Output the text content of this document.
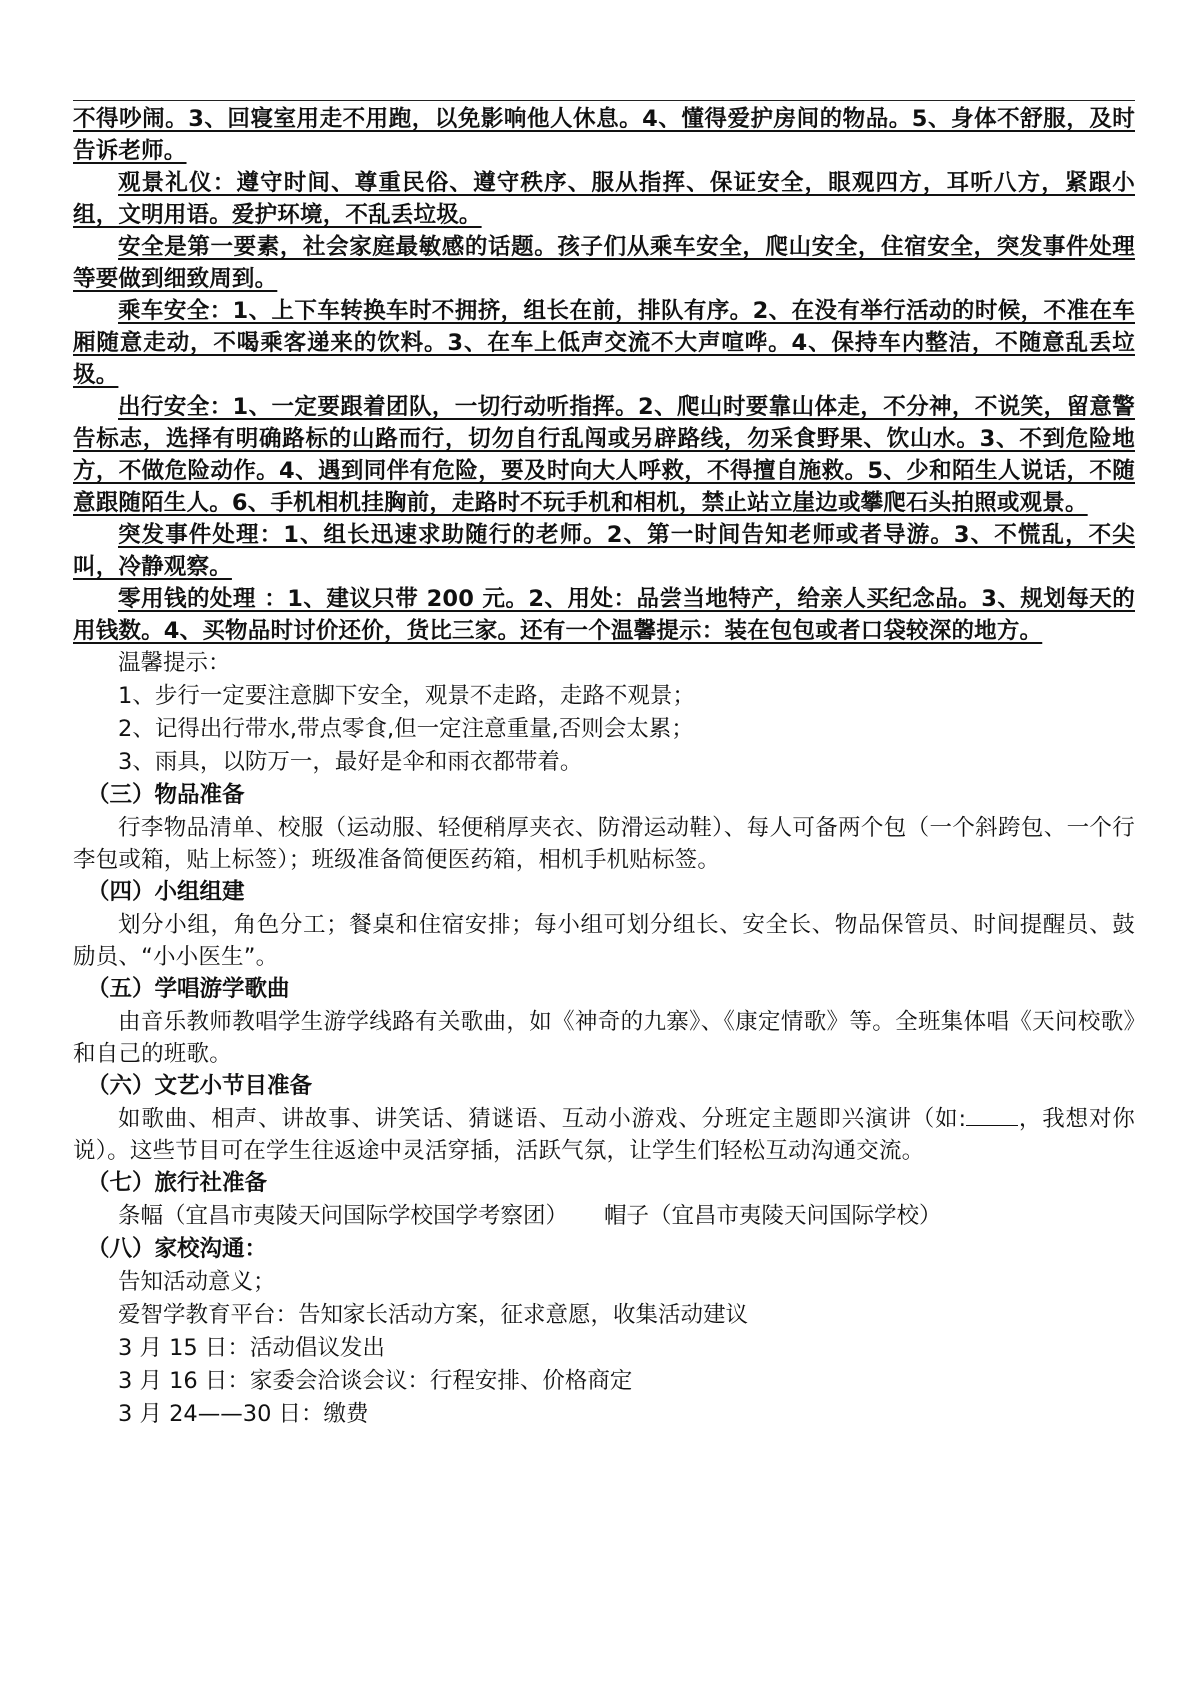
不得吵闹。3、回寝室用走不用跑，以免影响他人休息。4、懂得爱护房间的物品。5、身体不舒服，及时告诉老师。

观景礼仪：遵守时间、尊重民俗、遵守秩序、服从指挥、保证安全，眼观四方，耳听八方，紧跟小组，文明用语。爱护环境，不乱丢垃圾。

安全是第一要素，社会家庭最敏感的话题。孩子们从乘车安全，爬山安全，住宿安全，突发事件处理等要做到细致周到。

乘车安全：1、上下车转换车时不拥挤，组长在前，排队有序。2、在没有举行活动的时候，不准在车厢随意走动，不喝乘客递来的饮料。3、在车上低声交流不大声喧哗。4、保持车内整洁，不随意乱丢垃圾。

出行安全：1、一定要跟着团队，一切行动听指挥。2、爬山时要靠山体走，不分神，不说笑，留意警告标志，选择有明确路标的山路而行，切勿自行乱闯或另辟路线，勿采食野果、饮山水。3、不到危险地方，不做危险动作。4、遇到同伴有危险，要及时向大人呼救，不得擅自施救。5、少和陌生人说话，不随意跟随陌生人。6、手机相机挂胸前，走路时不玩手机和相机，禁止站立崖边或攀爬石头拍照或观景。

突发事件处理：1、组长迅速求助随行的老师。2、第一时间告知老师或者导游。3、不慌乱，不尖叫，冷静观察。

零用钱的处理 ：1、建议只带 200 元。2、用处：品尝当地特产，给亲人买纪念品。3、规划每天的用钱数。4、买物品时讨价还价，货比三家。还有一个温馨提示：装在包包或者口袋较深的地方。

温馨提示：

1、步行一定要注意脚下安全，观景不走路，走路不观景；

2、记得出行带水,带点零食,但一定注意重量,否则会太累；

3、雨具，以防万一，最好是伞和雨衣都带着。

（三）物品准备

行李物品清单、校服（运动服、轻便稍厚夹衣、防滑运动鞋）、每人可备两个包（一个斜跨包、一个行李包或箱，贴上标签）；班级准备简便医药箱，相机手机贴标签。

（四）小组组建

划分小组，角色分工；餐桌和住宿安排；每小组可划分组长、安全长、物品保管员、时间提醒员、鼓励员、“小小医生”。

（五）学唱游学歌曲

由音乐教师教唱学生游学线路有关歌曲，如《神奇的九寨》、《康定情歌》等。全班集体唱《天问校歌》和自己的班歌。

（六）文艺小节目准备

如歌曲、相声、讲故事、讲笑话、猜谜语、互动小游戏、分班定主题即兴演讲（如: ，我想对你说）。这些节目可在学生往返途中灵活穿插，活跃气氛，让学生们轻松互动沟通交流。

（七）旅行社准备

条幅（宜昌市夷陵天问国际学校国学考察团） 帽子（宜昌市夷陵天问国际学校）

（八）家校沟通：

告知活动意义；

爱智学教育平台：告知家长活动方案，征求意愿，收集活动建议

3 月 15 日：活动倡议发出

3 月 16 日：家委会洽谈会议：行程安排、价格商定

3 月 24——30 日：缴费
